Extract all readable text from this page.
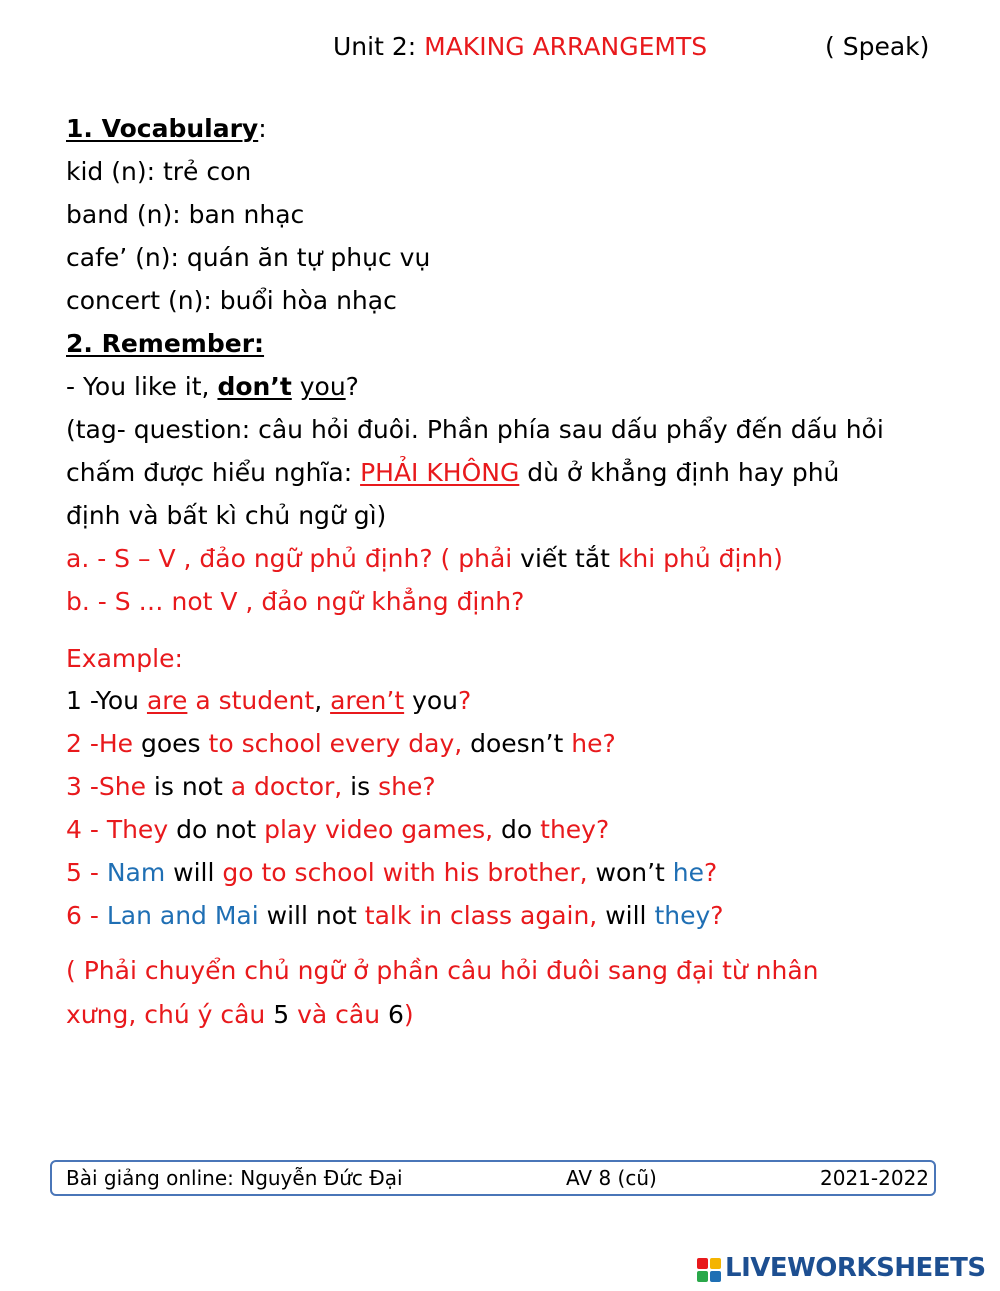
Unit 2: MAKING ARRANGEMTS	( Speak)
1. Vocabulary:
kid (n): trẻ con
band (n): ban nhạc
cafe’ (n): quán ăn tự phục vụ
concert (n): buổi hòa nhạc
2. Remember:
- You like it, don’t you?
(tag- question: câu hỏi đuôi. Phần phía sau dấu phẩy đến dấu hỏi
chấm được hiểu nghĩa: PHẢI KHÔNG dù ở khẳng định hay phủ
định và bất kì chủ ngữ gì)
a. - S – V , đảo ngữ phủ định? ( phải viết tắt khi phủ định)
b. - S … not V , đảo ngữ khẳng định?
Example:
1 -You are a student, aren’t you?
2 -He goes to school every day, doesn’t he?
3 -She is not a doctor, is she?
4 - They do not play video games, do they?
5 - Nam will go to school with his brother, won’t he?
6 - Lan and Mai will not talk in class again, will they?
( Phải chuyển chủ ngữ ở phần câu hỏi đuôi sang đại từ nhân
xưng, chú ý câu 5 và câu 6)
Bài giảng online: Nguyễn Đức Đại	AV 8 (cũ)	2021-2022
LIVEWORKSHEETS
